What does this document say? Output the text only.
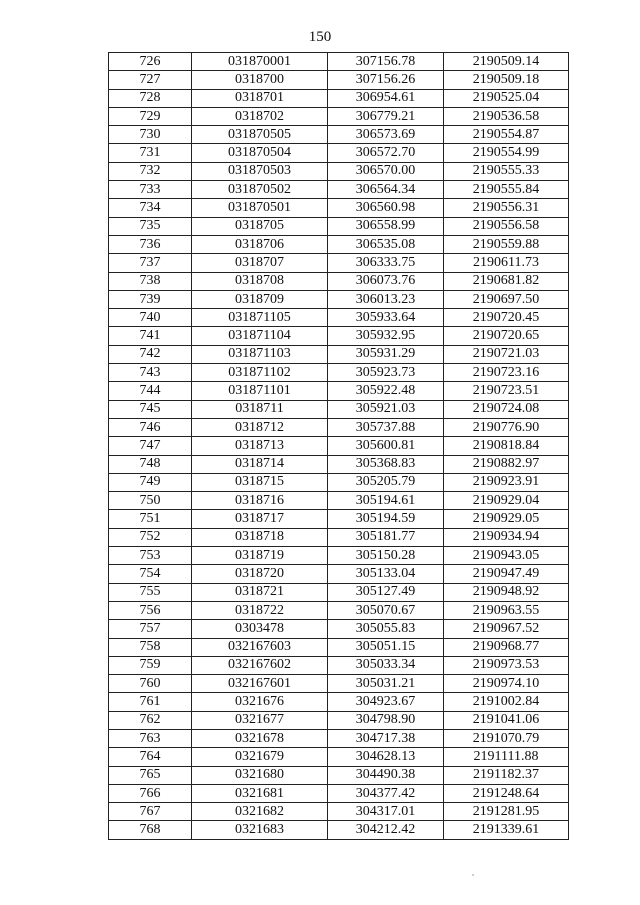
150
726	031870001	307156.78	2190509.14
727	0318700	307156.26	2190509.18
728	0318701	306954.61	2190525.04
729	0318702	306779.21	2190536.58
730	031870505	306573.69	2190554.87
731	031870504	306572.70	2190554.99
732	031870503	306570.00	2190555.33
733	031870502	306564.34	2190555.84
734	031870501	306560.98	2190556.31
735	0318705	306558.99	2190556.58
736	0318706	306535.08	2190559.88
737	0318707	306333.75	2190611.73
738	0318708	306073.76	2190681.82
739	0318709	306013.23	2190697.50
740	031871105	305933.64	2190720.45
741	031871104	305932.95	2190720.65
742	031871103	305931.29	2190721.03
743	031871102	305923.73	2190723.16
744	031871101	305922.48	2190723.51
745	0318711	305921.03	2190724.08
746	0318712	305737.88	2190776.90
747	0318713	305600.81	2190818.84
748	0318714	305368.83	2190882.97
749	0318715	305205.79	2190923.91
750	0318716	305194.61	2190929.04
751	0318717	305194.59	2190929.05
752	0318718	305181.77	2190934.94
753	0318719	305150.28	2190943.05
754	0318720	305133.04	2190947.49
755	0318721	305127.49	2190948.92
756	0318722	305070.67	2190963.55
757	0303478	305055.83	2190967.52
758	032167603	305051.15	2190968.77
759	032167602	305033.34	2190973.53
760	032167601	305031.21	2190974.10
761	0321676	304923.67	2191002.84
762	0321677	304798.90	2191041.06
763	0321678	304717.38	2191070.79
764	0321679	304628.13	2191111.88
765	0321680	304490.38	2191182.37
766	0321681	304377.42	2191248.64
767	0321682	304317.01	2191281.95
768	0321683	304212.42	2191339.61
